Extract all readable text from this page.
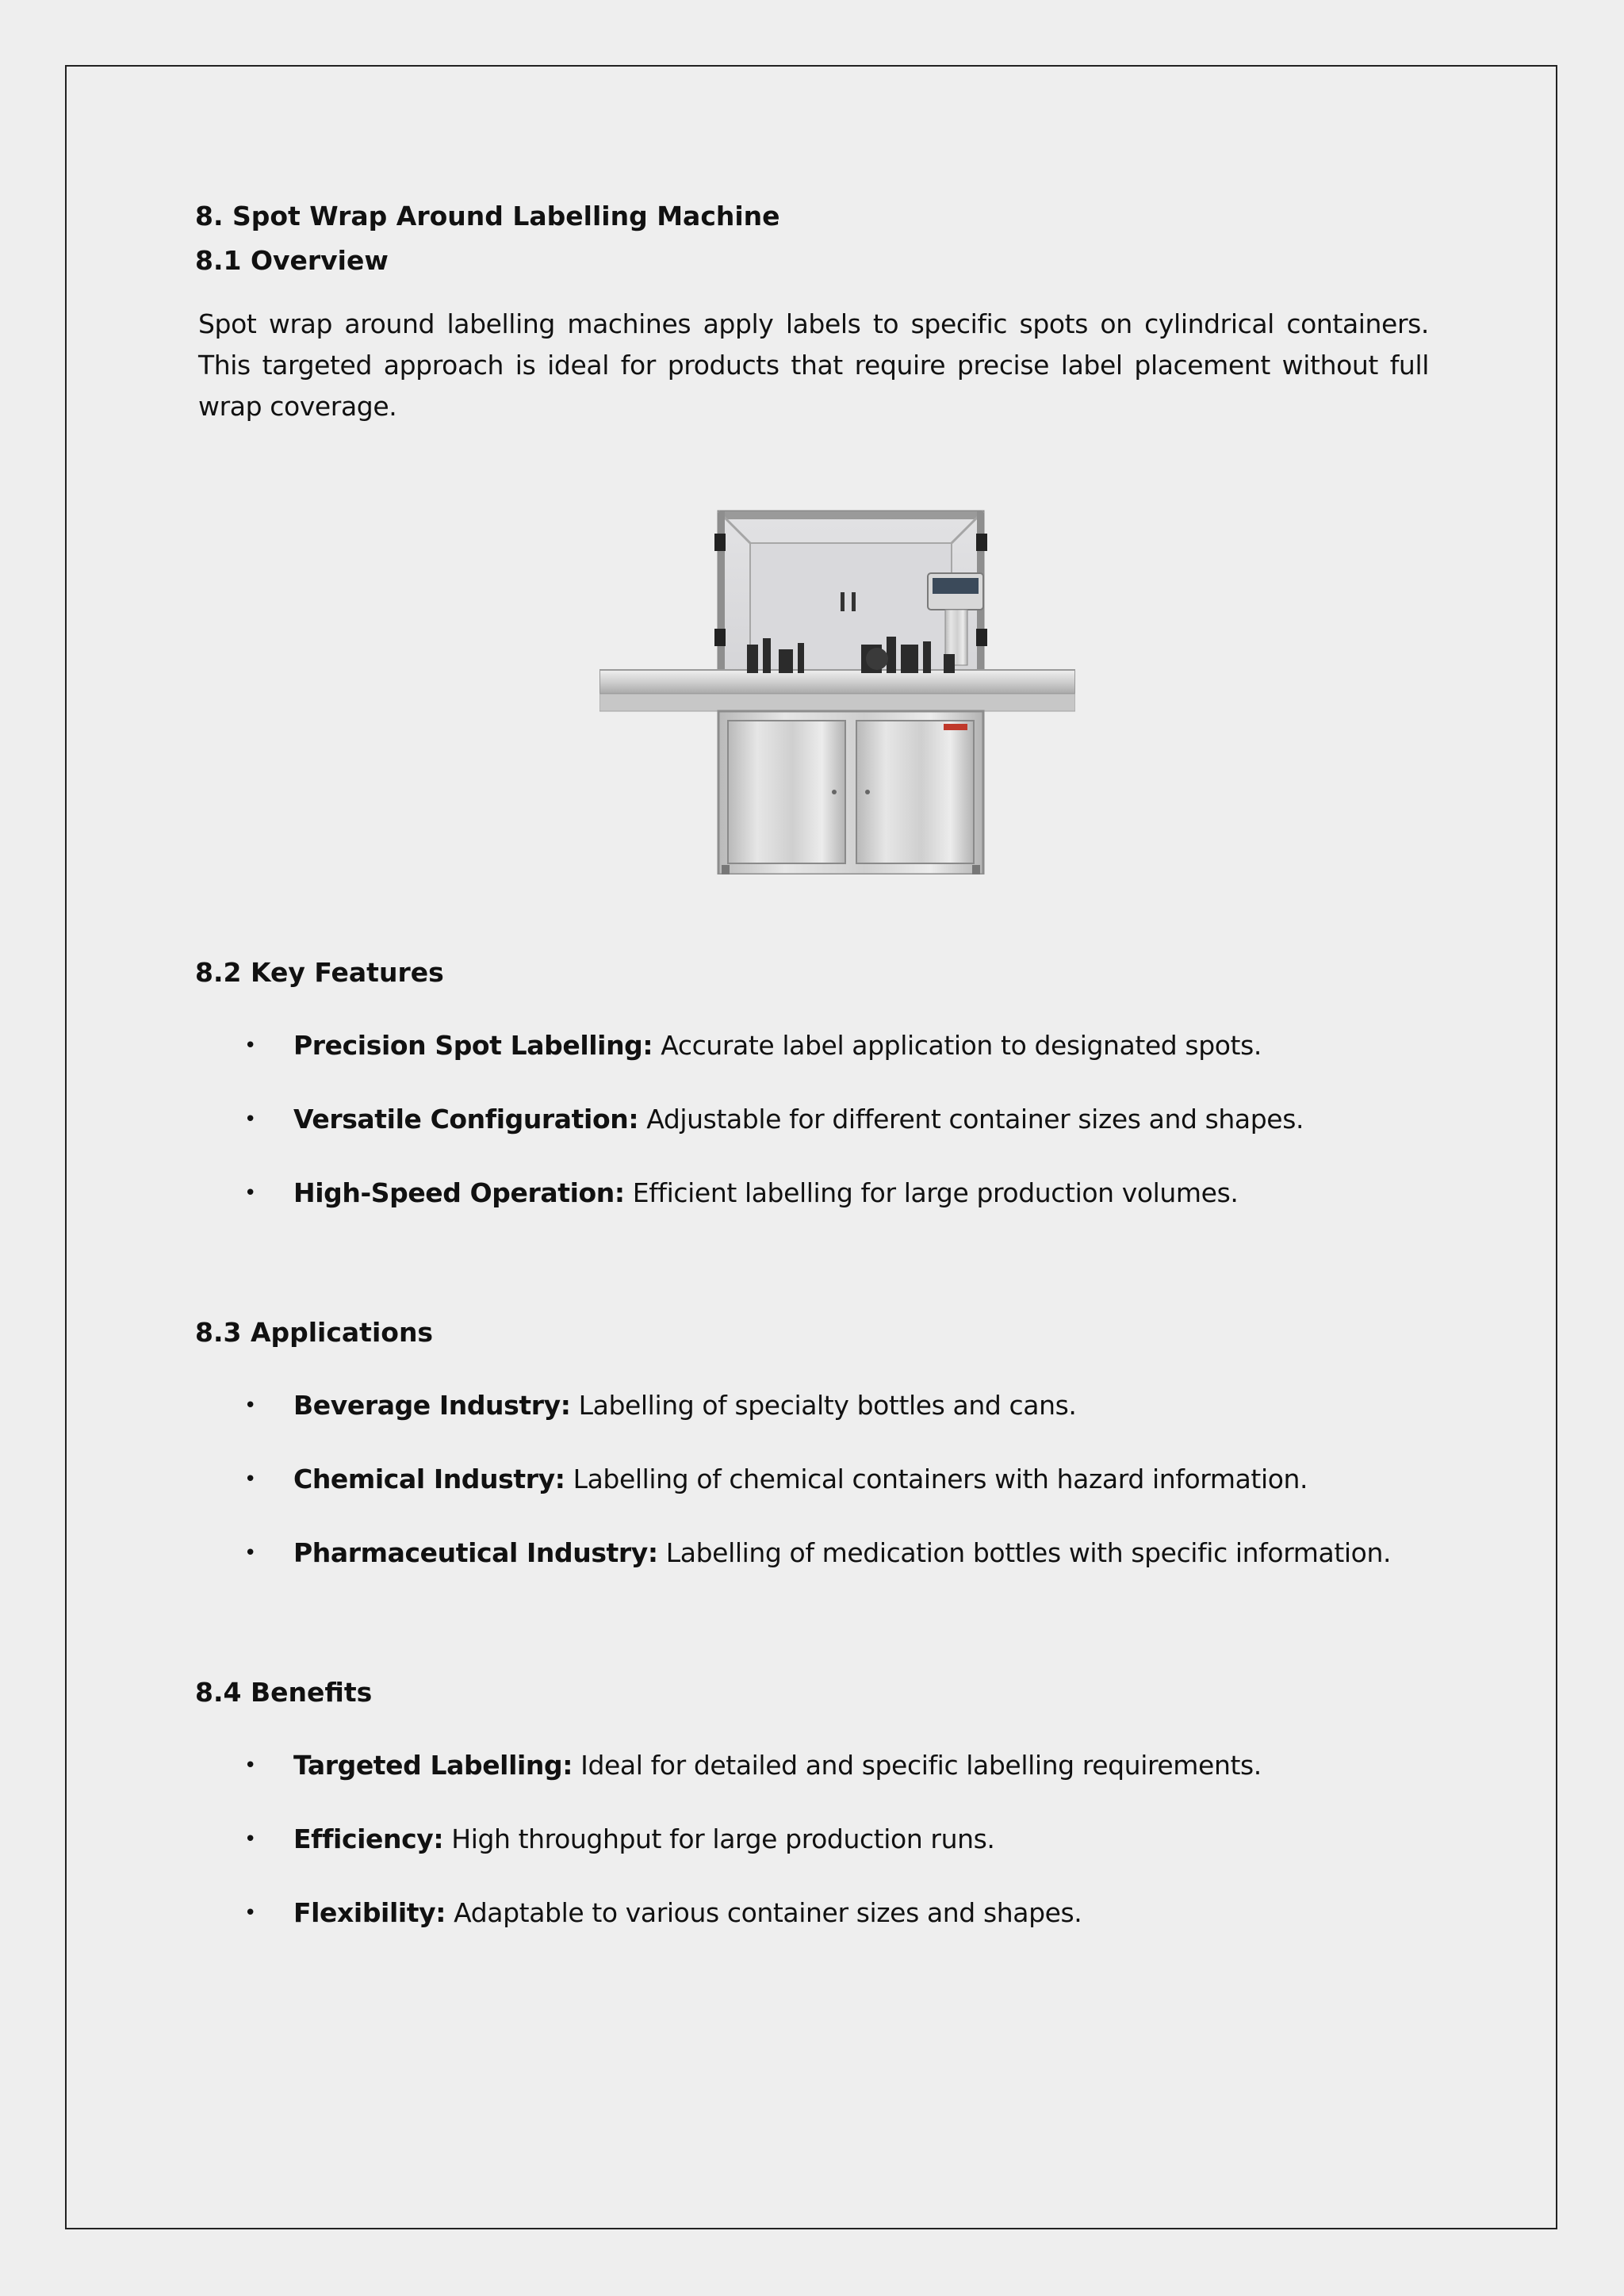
8. Spot Wrap Around Labelling Machine
8.1 Overview

Spot wrap around labelling machines apply labels to specific spots on cylindrical containers. This targeted approach is ideal for products that require precise label placement without full wrap coverage.

8.2 Key Features
• Precision Spot Labelling: Accurate label application to designated spots.
• Versatile Configuration: Adjustable for different container sizes and shapes.
• High-Speed Operation: Efficient labelling for large production volumes.
8.3 Applications
• Beverage Industry: Labelling of specialty bottles and cans.
• Chemical Industry: Labelling of chemical containers with hazard information.
• Pharmaceutical Industry: Labelling of medication bottles with specific information.
8.4 Benefits
• Targeted Labelling: Ideal for detailed and specific labelling requirements.
• Efficiency: High throughput for large production runs.
• Flexibility: Adaptable to various container sizes and shapes.
